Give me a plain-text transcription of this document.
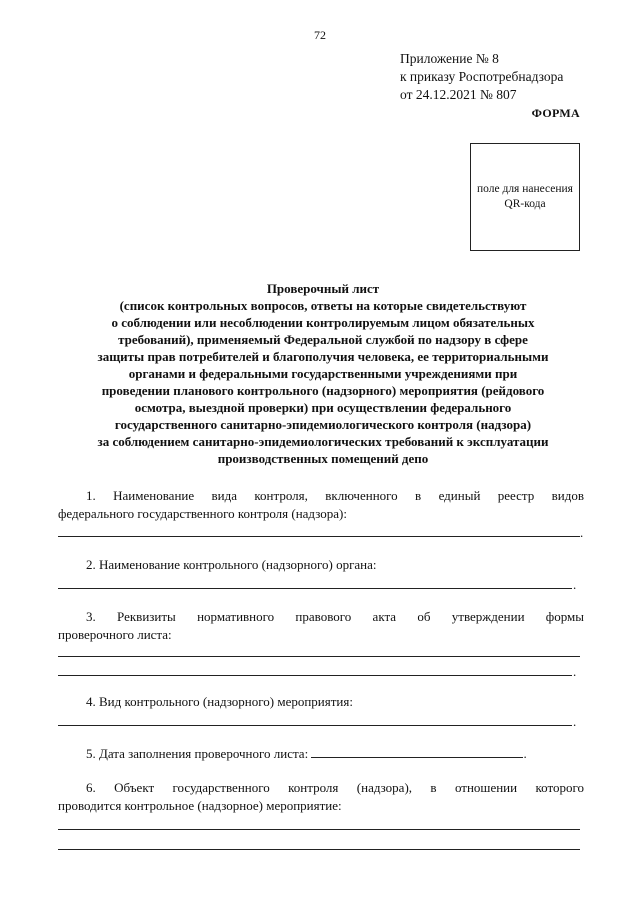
72
Приложение № 8
к приказу Роспотребнадзора
от 24.12.2021 № 807
ФОРМА
поле для нанесения
QR-кода

Проверочный лист

(список контрольных вопросов, ответы на которые свидетельствуют

о соблюдении или несоблюдении контролируемым лицом обязательных

требований), применяемый Федеральной службой по надзору в сфере

защиты прав потребителей и благополучия человека, ее территориальными

органами и федеральными государственными учреждениями при

проведении планового контрольного (надзорного) мероприятия (рейдового

осмотра, выездной проверки) при осуществлении федерального

государственного санитарно-эпидемиологического контроля (надзора)

за соблюдением санитарно-эпидемиологических требований к эксплуатации

производственных помещений депо

1. Наименование вида контроля, включенного в единый реестр видов
федерального государственного контроля (надзора):
.
2. Наименование контрольного (надзорного) органа:
.
3. Реквизиты нормативного правового акта об утверждении формы
проверочного листа:
.
4. Вид контрольного (надзорного) мероприятия:
.
5. Дата заполнения проверочного листа:	.
6. Объект государственного контроля (надзора), в отношении которого
проводится контрольное (надзорное) мероприятие:
